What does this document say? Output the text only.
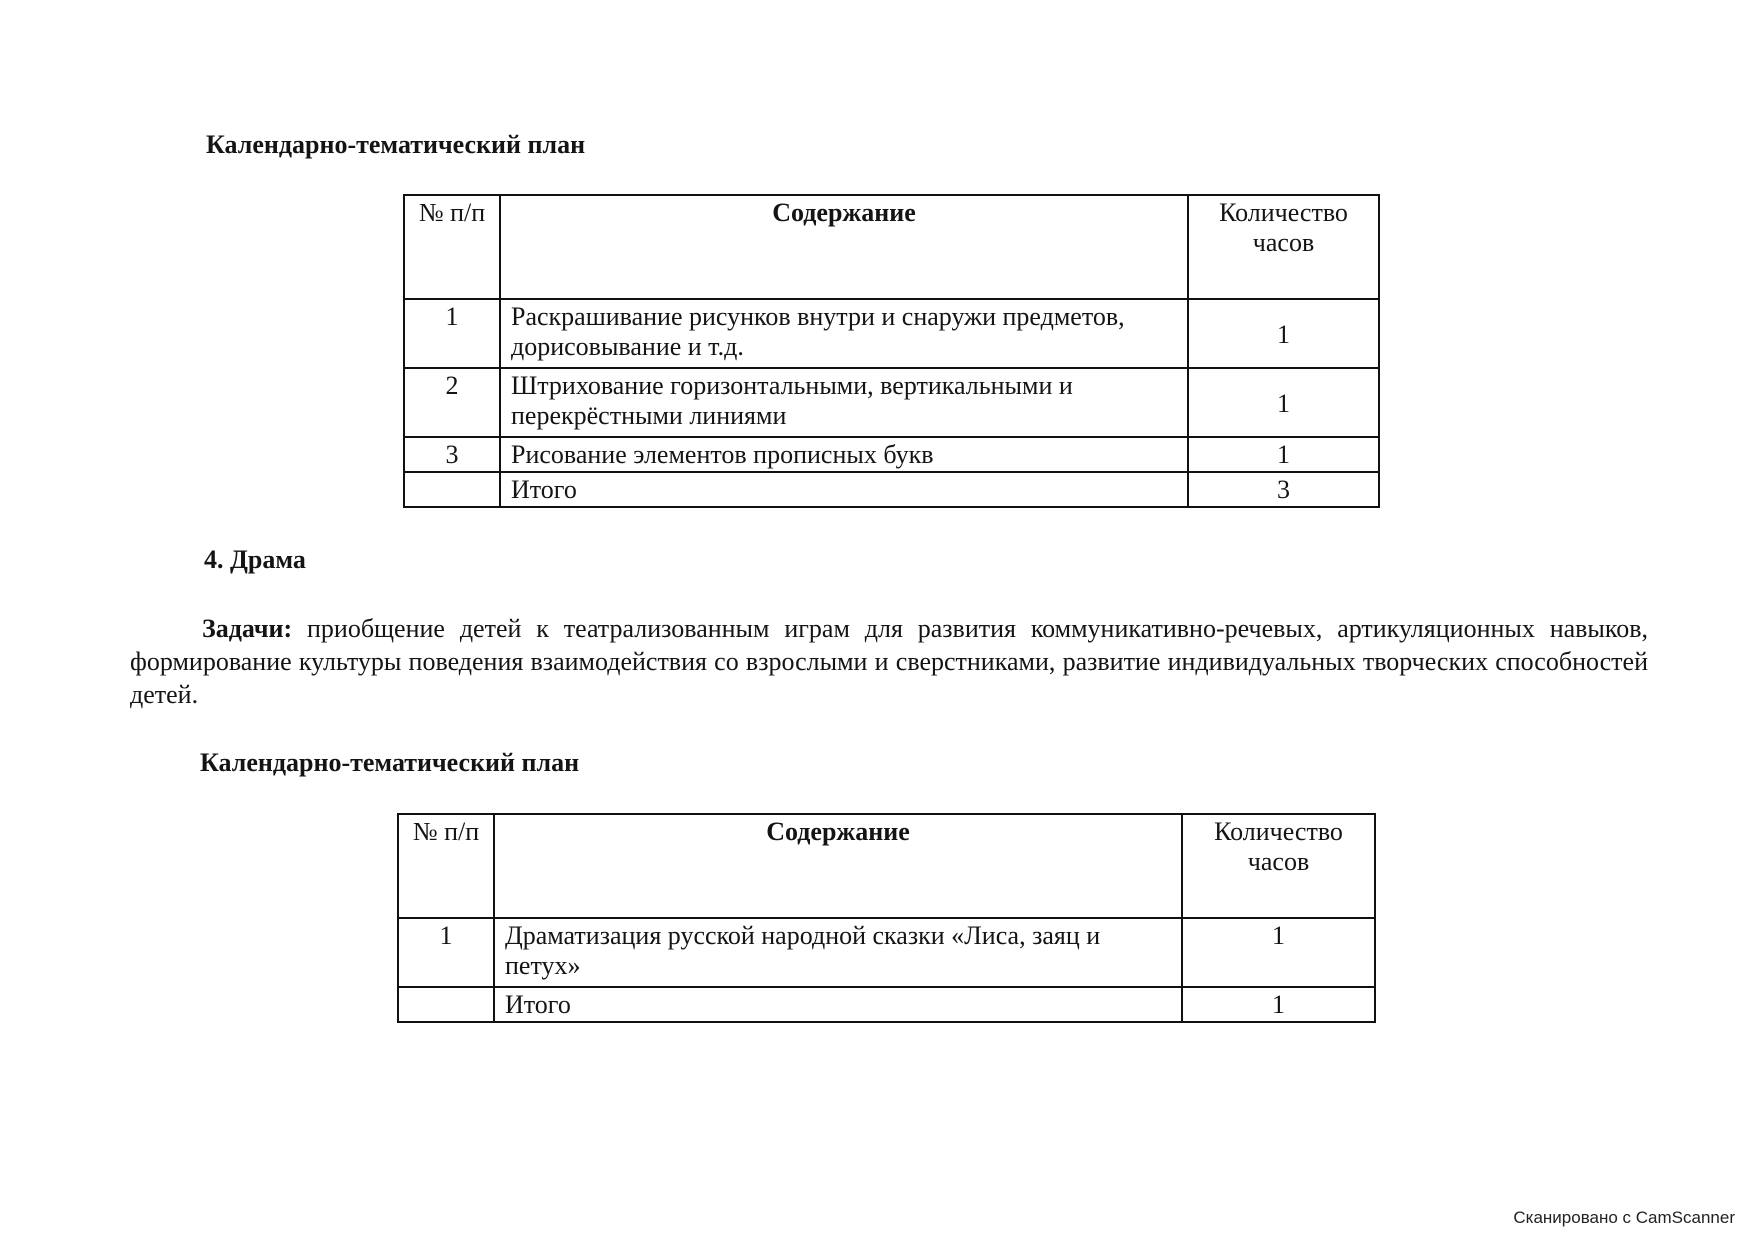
Календарно-тематический план
№ п/п	Содержание	Количество часов
1	Раскрашивание рисунков внутри и снаружи предметов, дорисовывание и т.д.	1
2	Штрихование горизонтальными, вертикальными и перекрёстными линиями	1
3	Рисование элементов прописных букв	1
	Итого	3
4. Драма

Задачи: приобщение детей к театрализованным играм для развития коммуникативно-речевых, артикуляционных навыков, формирование культуры поведения взаимодействия со взрослыми и сверстниками, развитие индивидуальных творческих способностей детей.

Календарно-тематический план
№ п/п	Содержание	Количество часов
1	Драматизация русской народной сказки «Лиса, заяц и петух»	1
	Итого	1
Сканировано с CamScanner
